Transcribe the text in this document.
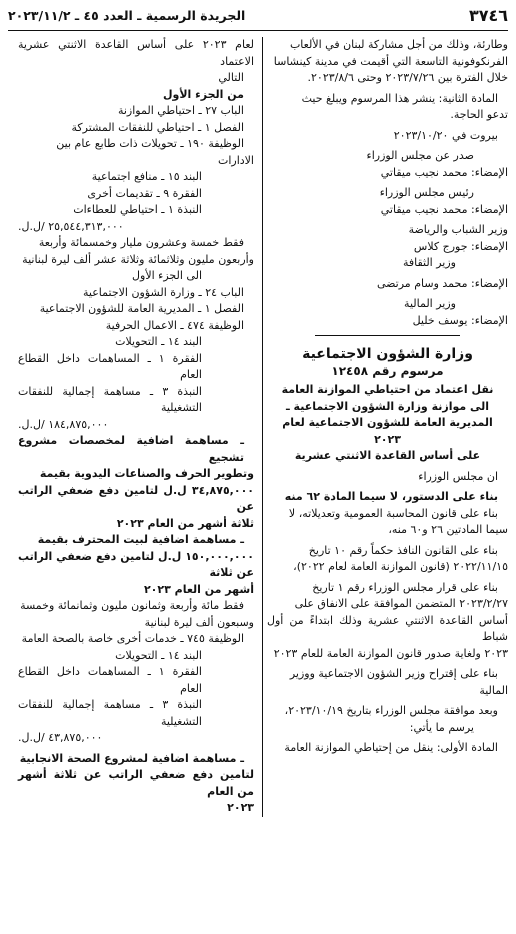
٣٧٤٦
الجريدة الرسمية ـ العدد ٤٥ ـ ٢٠٢٣/١١/٢
وطارئة، وذلك من أجل مشاركة لبنان في الألعاب
الفرنكوفونية التاسعة التي أقيمت في مدينة كينشاسا
خلال الفترة بين ٢٠٢٣/٧/٢٦ وحتى ٢٠٢٣/٨/٦.
المادة الثانية: ينشر هذا المرسوم ويبلغ حيث
تدعو الحاجة.
بيروت في ٢٠٢٣/١٠/٢٠
صدر عن مجلس الوزراء
الإمضاء: محمد نجيب ميقاتي
رئيس مجلس الوزراء
الإمضاء: محمد نجيب ميقاتي
وزير الشباب والرياضة
الإمضاء: جورج كلاس
وزير الثقافة
الإمضاء: محمد وسام مرتضى
وزير المالية
الإمضاء: يوسف خليل
وزارة الشؤون الاجتماعية
مرسوم رقم ١٢٤٥٨
نقل اعتماد من احتياطي الموازنة العامة
الى موازنة وزارة الشؤون الاجتماعية ـ
المديرية العامة للشؤون الاجتماعية لعام ٢٠٢٣
على أساس القاعدة الاثنتي عشرية
ان مجلس الوزراء
بناء على الدستور، لا سيما المادة ٦٢ منه
بناء على قانون المحاسبة العمومية وتعديلاته، لا
سيما المادتين ٢٦ و٦٠ منه،
بناء على القانون النافذ حكماً رقم ١٠ تاريخ
٢٠٢٢/١١/١٥ (قانون الموازنة العامة لعام ٢٠٢٢)،
بناء على قرار مجلس الوزراء رقم ١ تاريخ
٢٠٢٣/٢/٢٧ المتضمن الموافقة على الانفاق على
أساس القاعدة الاثنتي عشرية وذلك ابتداءً من أول شباط
٢٠٢٣ ولغاية صدور قانون الموازنة العامة للعام ٢٠٢٣
بناء على إقتراح وزير الشؤون الاجتماعية ووزير
المالية
وبعد موافقة مجلس الوزراء بتاريخ ٢٠٢٣/١٠/١٩،
يرسم ما يأتي:
المادة الأولى: ينقل من إحتياطي الموازنة العامة
لعام ٢٠٢٣ على أساس القاعدة الاثنتي عشرية الاعتماد
التالي
من الجزء الأول
الباب ٢٧ ـ احتياطي الموازنة
الفصل ١ ـ احتياطي للنفقات المشتركة
الوظيفة ١٩٠ ـ تحويلات ذات طابع عام بين
الادارات
البند ١٥ ـ منافع اجتماعية
الفقرة ٩ ـ تقديمات أخرى
النبذة ١ ـ احتياطي للعطاءات
٢٥,٥٤٤,٣١٣,٠٠٠ /ل.ل.
فقط خمسة وعشرون مليار وخمسمائة وأربعة
وأربعون مليون وثلاثمائة وثلاثة عشر ألف ليرة لبنانية
الى الجزء الأول
الباب ٢٤ ـ وزارة الشؤون الاجتماعية
الفصل ١ ـ المديرية العامة للشؤون الاجتماعية
الوظيفة ٤٧٤ ـ الاعمال الحرفية
البند ١٤ ـ التحويلات
الفقرة ١ ـ المساهمات داخل القطاع العام
النبذة ٣ ـ مساهمة إجمالية للنفقات التشغيلية
١٨٤,٨٧٥,٠٠٠ /ل.ل.
ـ مساهمة اضافية لمخصصات مشروع تشجيع
وتطوير الحرف والصناعات اليدوية بقيمة
٣٤,٨٧٥,٠٠٠ ل.ل لتامين دفع ضعفي الراتب عن
ثلاثة أشهر من العام ٢٠٢٣
ـ مساهمة اضافية لبيت المحترف بقيمة
١٥٠,٠٠٠,٠٠٠ ل.ل لتامين دفع ضعفي الراتب عن ثلاثة
أشهر من العام ٢٠٢٣
فقط مائة وأربعة وثمانون مليون وثمانمائة وخمسة
وسبعون ألف ليرة لبنانية
الوظيفة ٧٤٥ ـ خدمات أخرى خاصة بالصحة العامة
البند ١٤ ـ التحويلات
الفقرة ١ ـ المساهمات داخل القطاع العام
النبذة ٣ ـ مساهمة إجمالية للنفقات التشغيلية
٤٣,٨٧٥,٠٠٠ /ل.ل.
ـ مساهمة اضافية لمشروع الصحة الانجابية
لتامين دفع ضعفي الراتب عن ثلاثة أشهر من العام
٢٠٢٣
